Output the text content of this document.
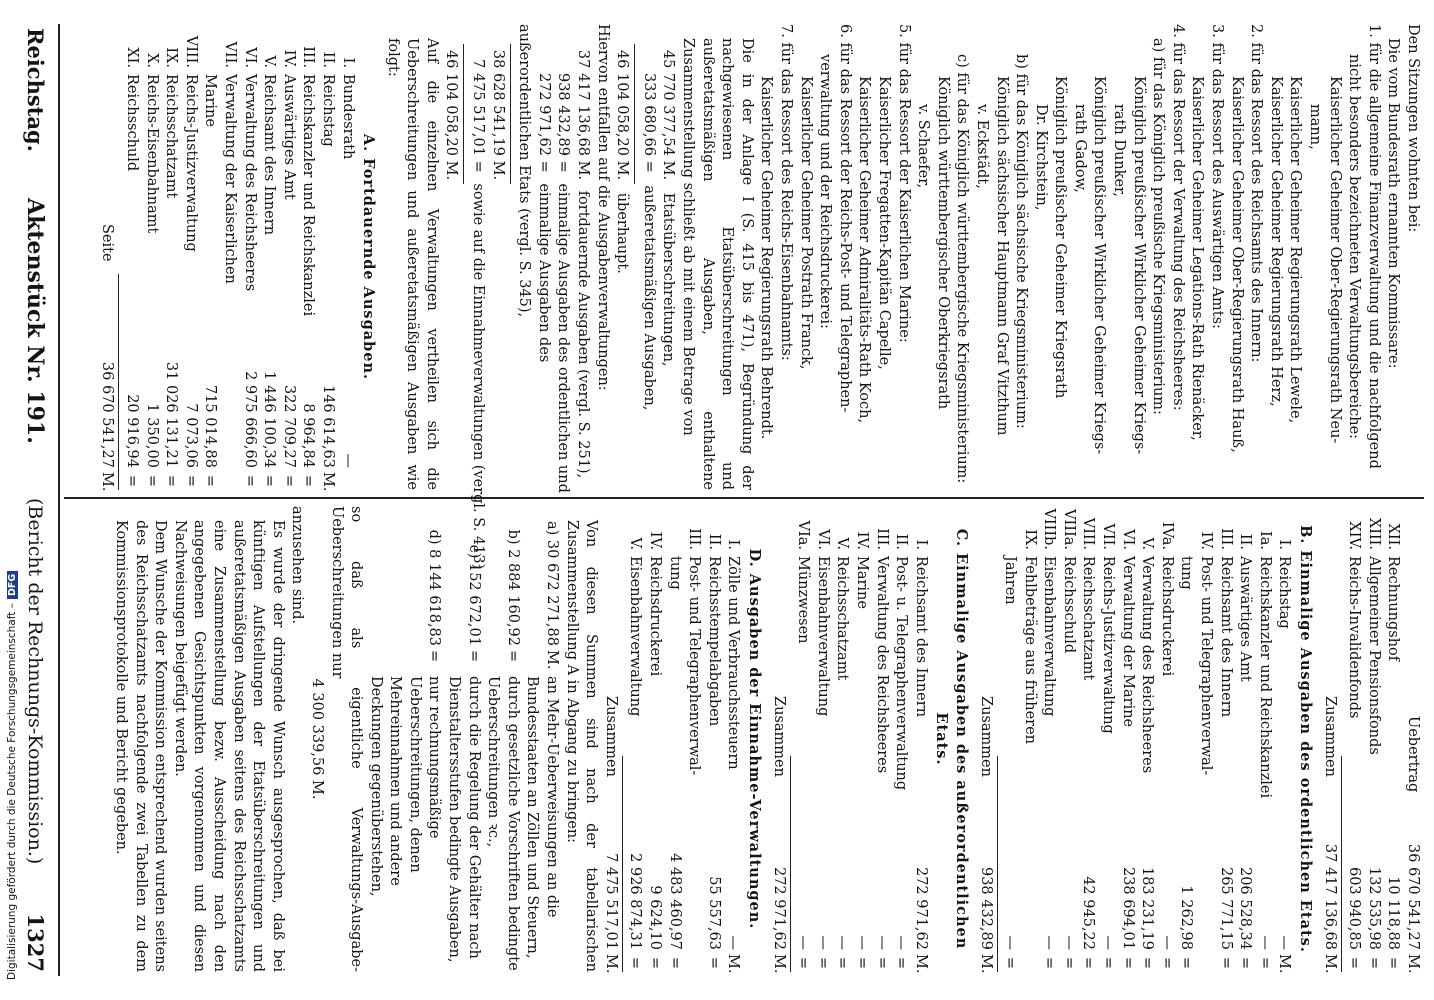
Reichstag.
Aktenstück Nr. 191.
(Bericht der Rechnungs-Kommission.)
1327
Den Sitzungen wohnten bei:
Die vom Bundesrath ernannten Kommissare:
1. für die allgemeine Finanzverwaltung und die nachfolgend
nicht besonders bezeichneten Verwaltungsbereiche:
Kaiserlicher Geheimer Ober-Regierungsrath Neu-
mann,
Kaiserlicher Geheimer Regierungsrath Lewele,
Kaiserlicher Geheimer Regierungsrath Herz,
2. für das Ressort des Reichsamts des Innern:
Kaiserlicher Geheimer Ober-Regierungsrath Hauß,
3. für das Ressort des Auswärtigen Amts:
Kaiserlicher Geheimer Legations-Rath Rienäcker,
4. für das Ressort der Verwaltung des Reichsheeres:
a) für das Königlich preußische Kriegsministerium:
Königlich preußischer Wirklicher Geheimer Kriegs-
rath Dunker,
Königlich preußischer Wirklicher Geheimer Kriegs-
rath Gadow,
Königlich preußischer Geheimer Kriegsrath
Dr. Kirchstein,
b) für das Königlich sächsische Kriegsministerium:
Königlich sächsischer Hauptmann Graf Vitzthum
v. Eckstädt,
c) für das Königlich württembergische Kriegsministerium:
Königlich württembergischer Oberkriegsrath
v. Schaefer,
5. für das Ressort der Kaiserlichen Marine:
Kaiserlicher Fregatten-Kapitän Capelle,
Kaiserlicher Geheimer Admiralitäts-Rath Koch,
6. für das Ressort der Reichs-Post- und Telegraphen-
verwaltung und der Reichsdruckerei:
Kaiserlicher Geheimer Postrath Franck,
7. für das Ressort des Reichs-Eisenbahnamts:
Kaiserlicher Geheimer Regierungsrath Behrendt.
Die in der Anlage I (S. 415 bis 471), Begründung der nachgewiesenen Etatsüberschreitungen und außeretatsmäßigen Ausgaben, enthaltene Zusammenstellung schließt ab mit einem Betrage von
45 770 377,54 M. Etatsüberschreitungen,
333 680,66 = außeretatsmäßigen Ausgaben,
46 104 058,20 M. überhaupt.
Hiervon entfallen auf die Ausgabenverwaltungen:
37 417 136,68 M. fortdauernde Ausgaben (vergl. S. 251),
938 432,89 = einmalige Ausgaben des ordentlichen und
272 971,62 = einmalige Ausgaben des außerordentlichen Etats (vergl. S. 345),
38 628 541,19 M.
7 475 517,01 = sowie auf die Einnahmeverwaltungen (vergl. S. 413)
46 104 058,20 M.
Auf die einzelnen Verwaltungen vertheilen sich die Ueberschreitungen und außeretatsmäßigen Ausgaben wie folgt:
A. Fortdauernde Ausgaben.
I.Bundesrath
—
II.Reichstag
146 614,63
M.
III.Reichskanzler und Reichskanzlei
8 964,84
=
IV.Auswärtiges Amt
322 709,27
=
V.Reichsamt des Innern
1 446 100,34
=
VI.Verwaltung des Reichsheeres
2 975 666,60
=
VII.Verwaltung der Kaiserlichen
Marine
715 014,88
=
VIII.Reichs-Justizverwaltung
7 073,06
=
IX.Reichsschatzamt
31 026 131,21
=
X.Reichs-Eisenbahnamt
1 350,00
=
XI.Reichsschuld
20 916,94
=
Seite
36 670 541,27
M.
Uebertrag
36 670 541,27
M.
XII.Rechnungshof
10 118,88
=
XIII.Allgemeiner Pensionsfonds
132 535,98
=
XIV.Reichs-Invalidenfonds
603 940,85
=
Zusammen
37 417 136,68
M.
B. Einmalige Ausgaben des ordentlichen Etats.
I.Reichstag
—
M.
Ia.Reichskanzler und Reichskanzlei
—
=
II.Auswärtiges Amt
206 528,34
=
III.Reichsamt des Innern
265 771,15
=
IV.Post- und Telegraphenverwal-
tung
1 262,98
=
IVa.Reichsdruckerei
—
=
V.Verwaltung des Reichsheeres
183 231,19
=
VI.Verwaltung der Marine
238 694,01
=
VII.Reichs-Justizverwaltung
—
=
VIII.Reichsschatzamt
42 945,22
=
VIIIa.Reichsschuld
—
=
VIIIb.Eisenbahnverwaltung
—
=
IX.Fehlbeträge aus früheren
Jahren
—
=
Zusammen
938 432,89
M.
C. Einmalige Ausgaben des außerordentlichen Etats.
I.Reichsamt des Innern
272 971,62
M.
II.Post- u. Telegraphenverwaltung
—
=
III.Verwaltung des Reichsheeres
—
=
IV.Marine
—
=
V.Reichsschatzamt
—
=
VI.Eisenbahnverwaltung
—
=
VIa.Münzwesen
—
=
Zusammen
272 971,62
M.
D. Ausgaben der Einnahme-Verwaltungen.
I.Zölle und Verbrauchssteuern
—
M.
II.Reichsstempelabgaben
55 557,63
=
III.Post- und Telegraphenverwal-
tung
4 483 460,97
=
IV.Reichsdruckerei
9 624,10
=
V.Eisenbahnverwaltung
2 926 874,31
=
Zusammen
7 475 517,01
M.
Von diesen Summen sind nach der tabellarischen Zusammenstellung A in Abgang zu bringen:
a) 30 672 271,88
M.
an Mehr-Ueberweisungen an die Bundesstaaten an Zöllen und Steuern,
b) 2 884 160,92
=
durch gesetzliche Vorschriften bedingte Ueberschreitungen ꝛc.,
c) 152 672,01
=
durch die Regelung der Gehälter nach Dienstaltersstufen bedingte Ausgaben,
d) 8 144 618,83
=
nur rechnungsmäßige Ueberschreitungen, denen Mehreinnahmen und andere Deckungen gegenüberstehen,
so daß als eigentliche Verwaltungs-Ausgabe-Ueberschreitungen nur
4 300 339,56 M.
anzusehen sind.
Es wurde der dringende Wunsch ausgesprochen, daß bei künftigen Aufstellungen der Etatsüberschreitungen und außeretatsmäßigen Ausgaben seitens des Reichsschatzamts eine Zusammenstellung bezw. Ausscheidung nach den angegebenen Gesichtspunkten vorgenommen und diesen Nachweisungen beigefügt werden.
Dem Wunsche der Kommission entsprechend wurden seitens des Reichsschatzamts nachfolgende zwei Tabellen zu dem Kommissionsprotokolle und Bericht gegeben.
Digitalisierung gefördert durch die Deutsche Forschungsgemeinschaft –DFG
